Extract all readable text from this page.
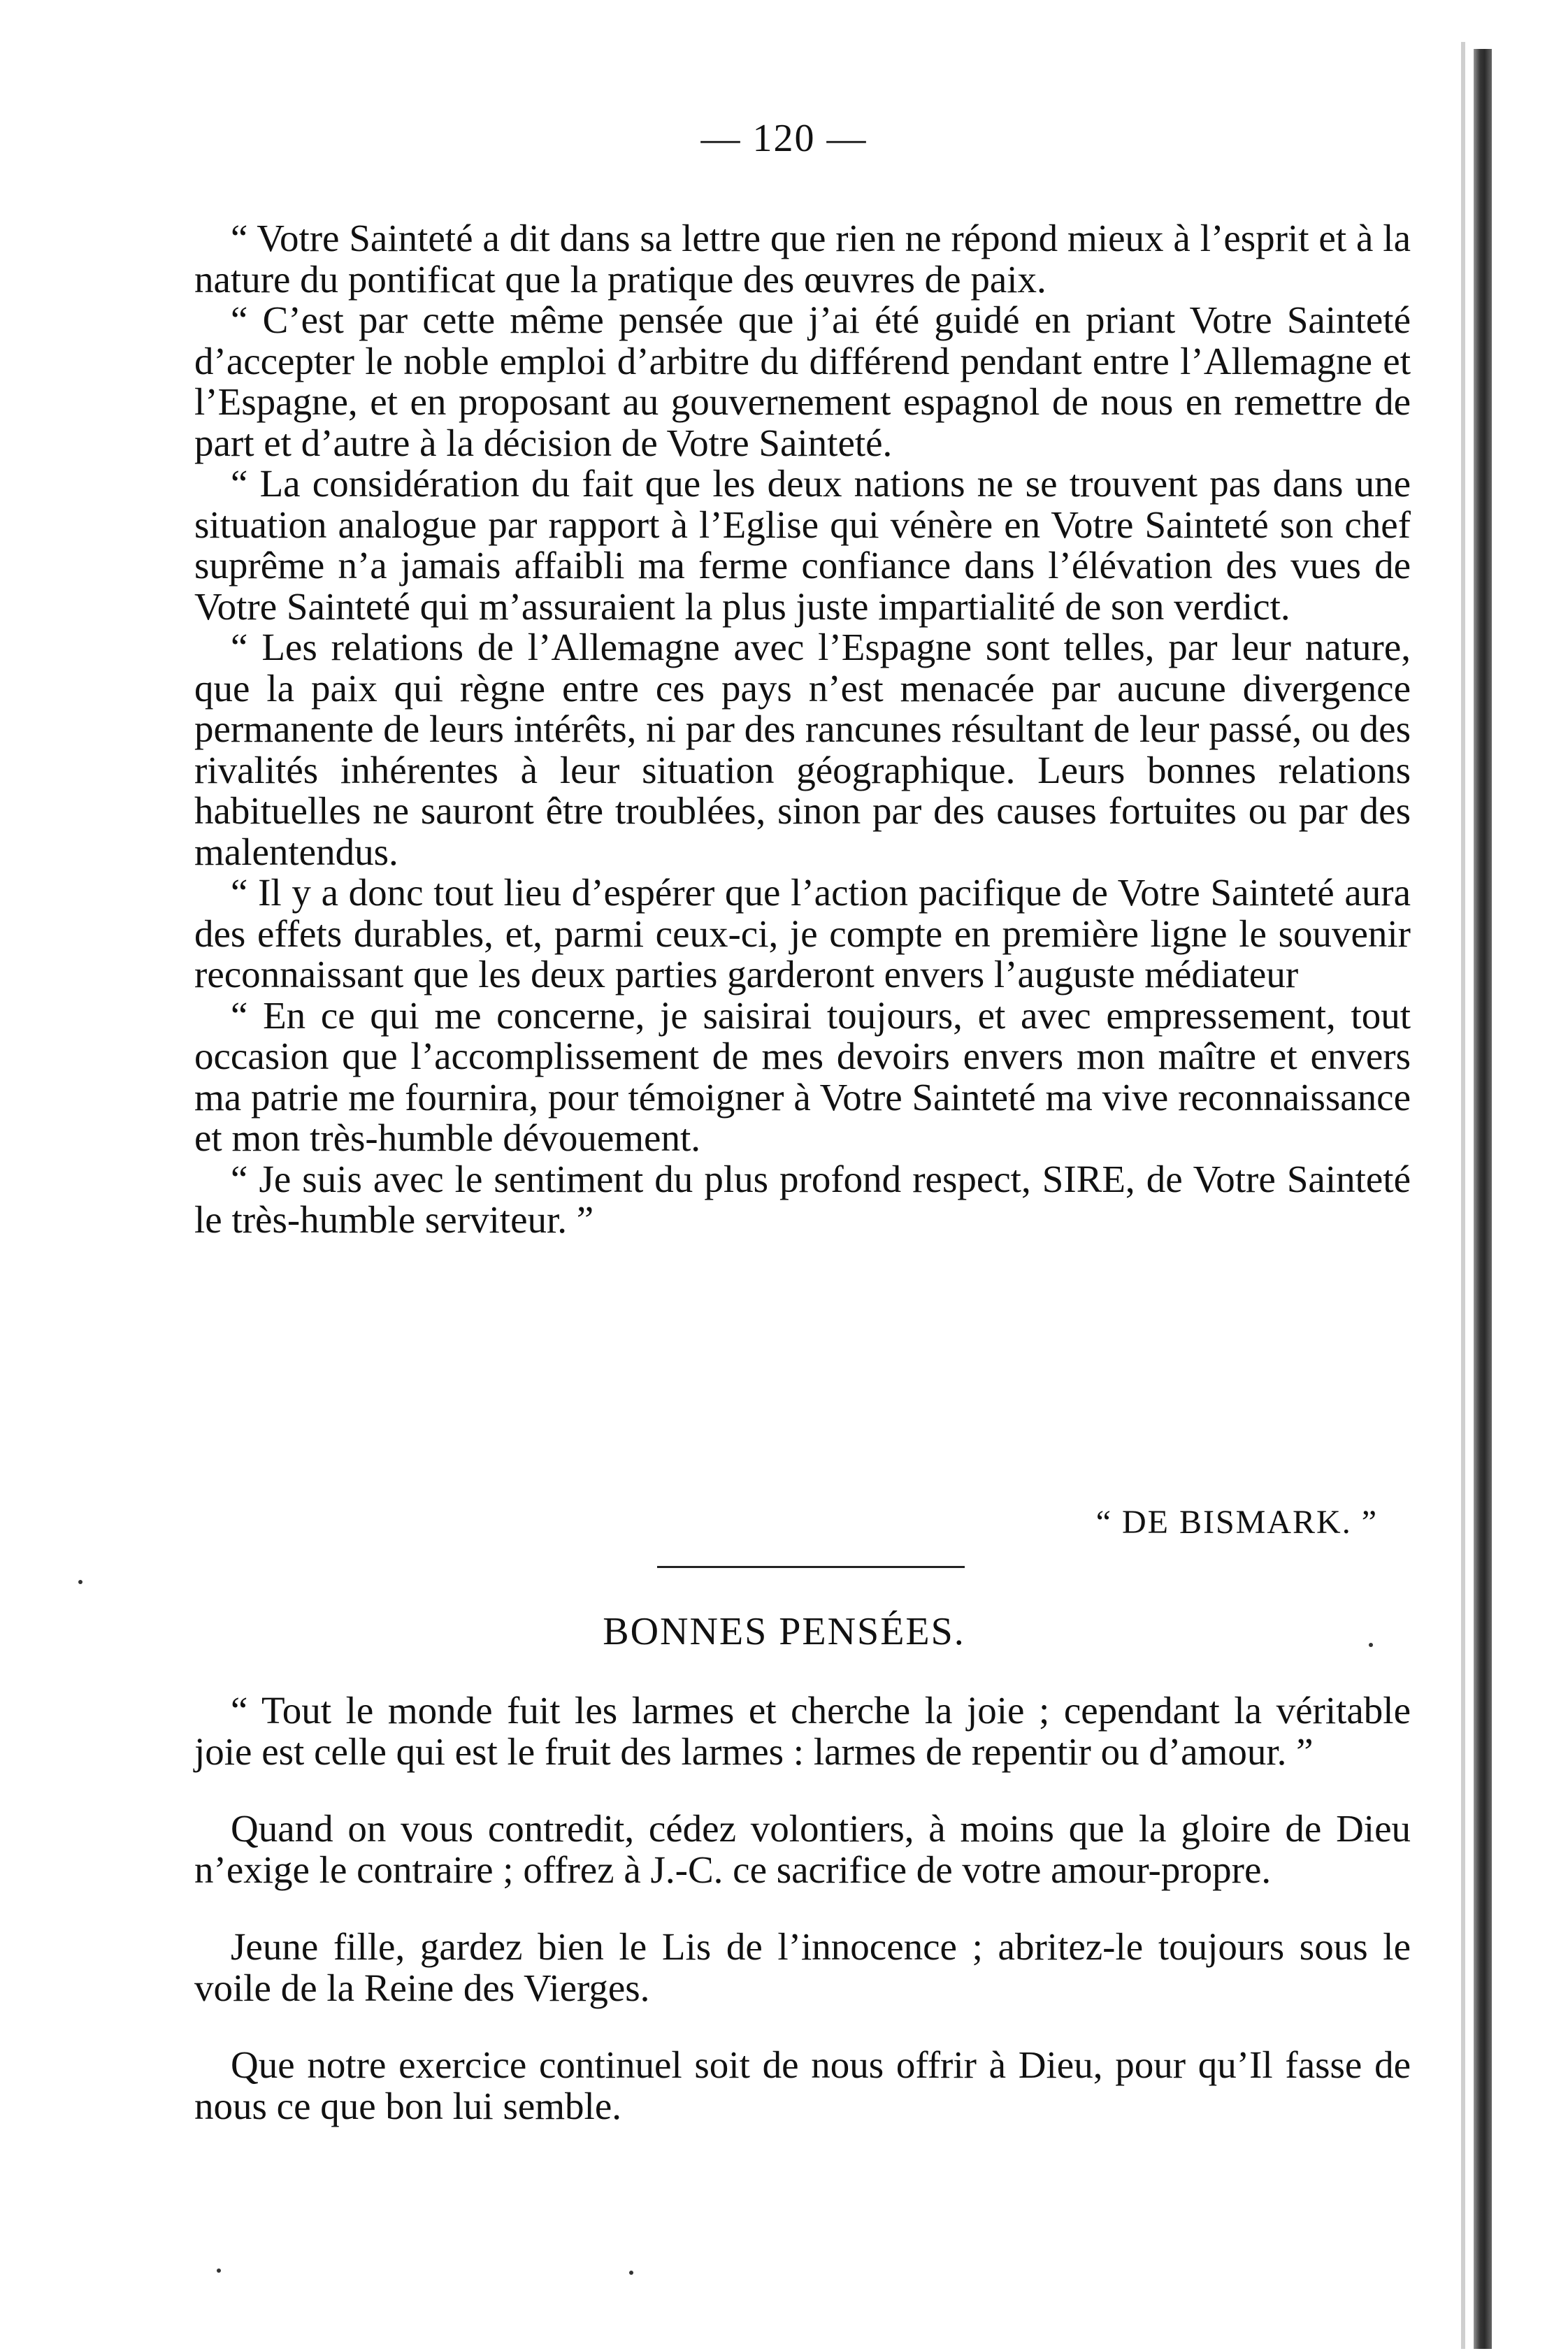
— 120 —

“ Votre Sainteté a dit dans sa lettre que rien ne répond mieux à l’esprit et à la nature du pontificat que la pratique des œuvres de paix.

“ C’est par cette même pensée que j’ai été guidé en priant Votre Sainteté d’accepter le noble emploi d’arbitre du différend pendant entre l’Allemagne et l’Espagne, et en proposant au gouvernement espagnol de nous en remettre de part et d’autre à la décision de Votre Sainteté.

“ La considération du fait que les deux nations ne se trouvent pas dans une situation analogue par rapport à l’Eglise qui vénère en Votre Sainteté son chef suprême n’a jamais affaibli ma ferme confiance dans l’élévation des vues de Votre Sainteté qui m’assuraient la plus juste impartialité de son verdict.

“ Les relations de l’Allemagne avec l’Espagne sont telles, par leur nature, que la paix qui règne entre ces pays n’est menacée par aucune divergence permanente de leurs intérêts, ni par des rancunes résultant de leur passé, ou des rivalités inhérentes à leur situation géographique. Leurs bonnes relations habituelles ne sauront être troublées, sinon par des causes fortuites ou par des malentendus.

“ Il y a donc tout lieu d’espérer que l’action pacifique de Votre Sainteté aura des effets durables, et, parmi ceux-ci, je compte en première ligne le souvenir reconnaissant que les deux parties garderont envers l’auguste médiateur

“ En ce qui me concerne, je saisirai toujours, et avec empressement, tout occasion que l’accomplissement de mes devoirs envers mon maître et envers ma patrie me fournira, pour témoigner à Votre Sainteté ma vive reconnaissance et mon très-humble dévouement.

“ Je suis avec le sentiment du plus profond respect, SIRE, de Votre Sainteté le très-humble serviteur. ”

“ DE BISMARK. ”
BONNES PENSÉES.

“ Tout le monde fuit les larmes et cherche la joie ; cependant la véritable joie est celle qui est le fruit des larmes : larmes de repentir ou d’amour. ”

Quand on vous contredit, cédez volontiers, à moins que la gloire de Dieu n’exige le contraire ; offrez à J.-C. ce sacrifice de votre amour-propre.

Jeune fille, gardez bien le Lis de l’innocence ; abritez-le toujours sous le voile de la Reine des Vierges.

Que notre exercice continuel soit de nous offrir à Dieu, pour qu’Il fasse de nous ce que bon lui semble.
